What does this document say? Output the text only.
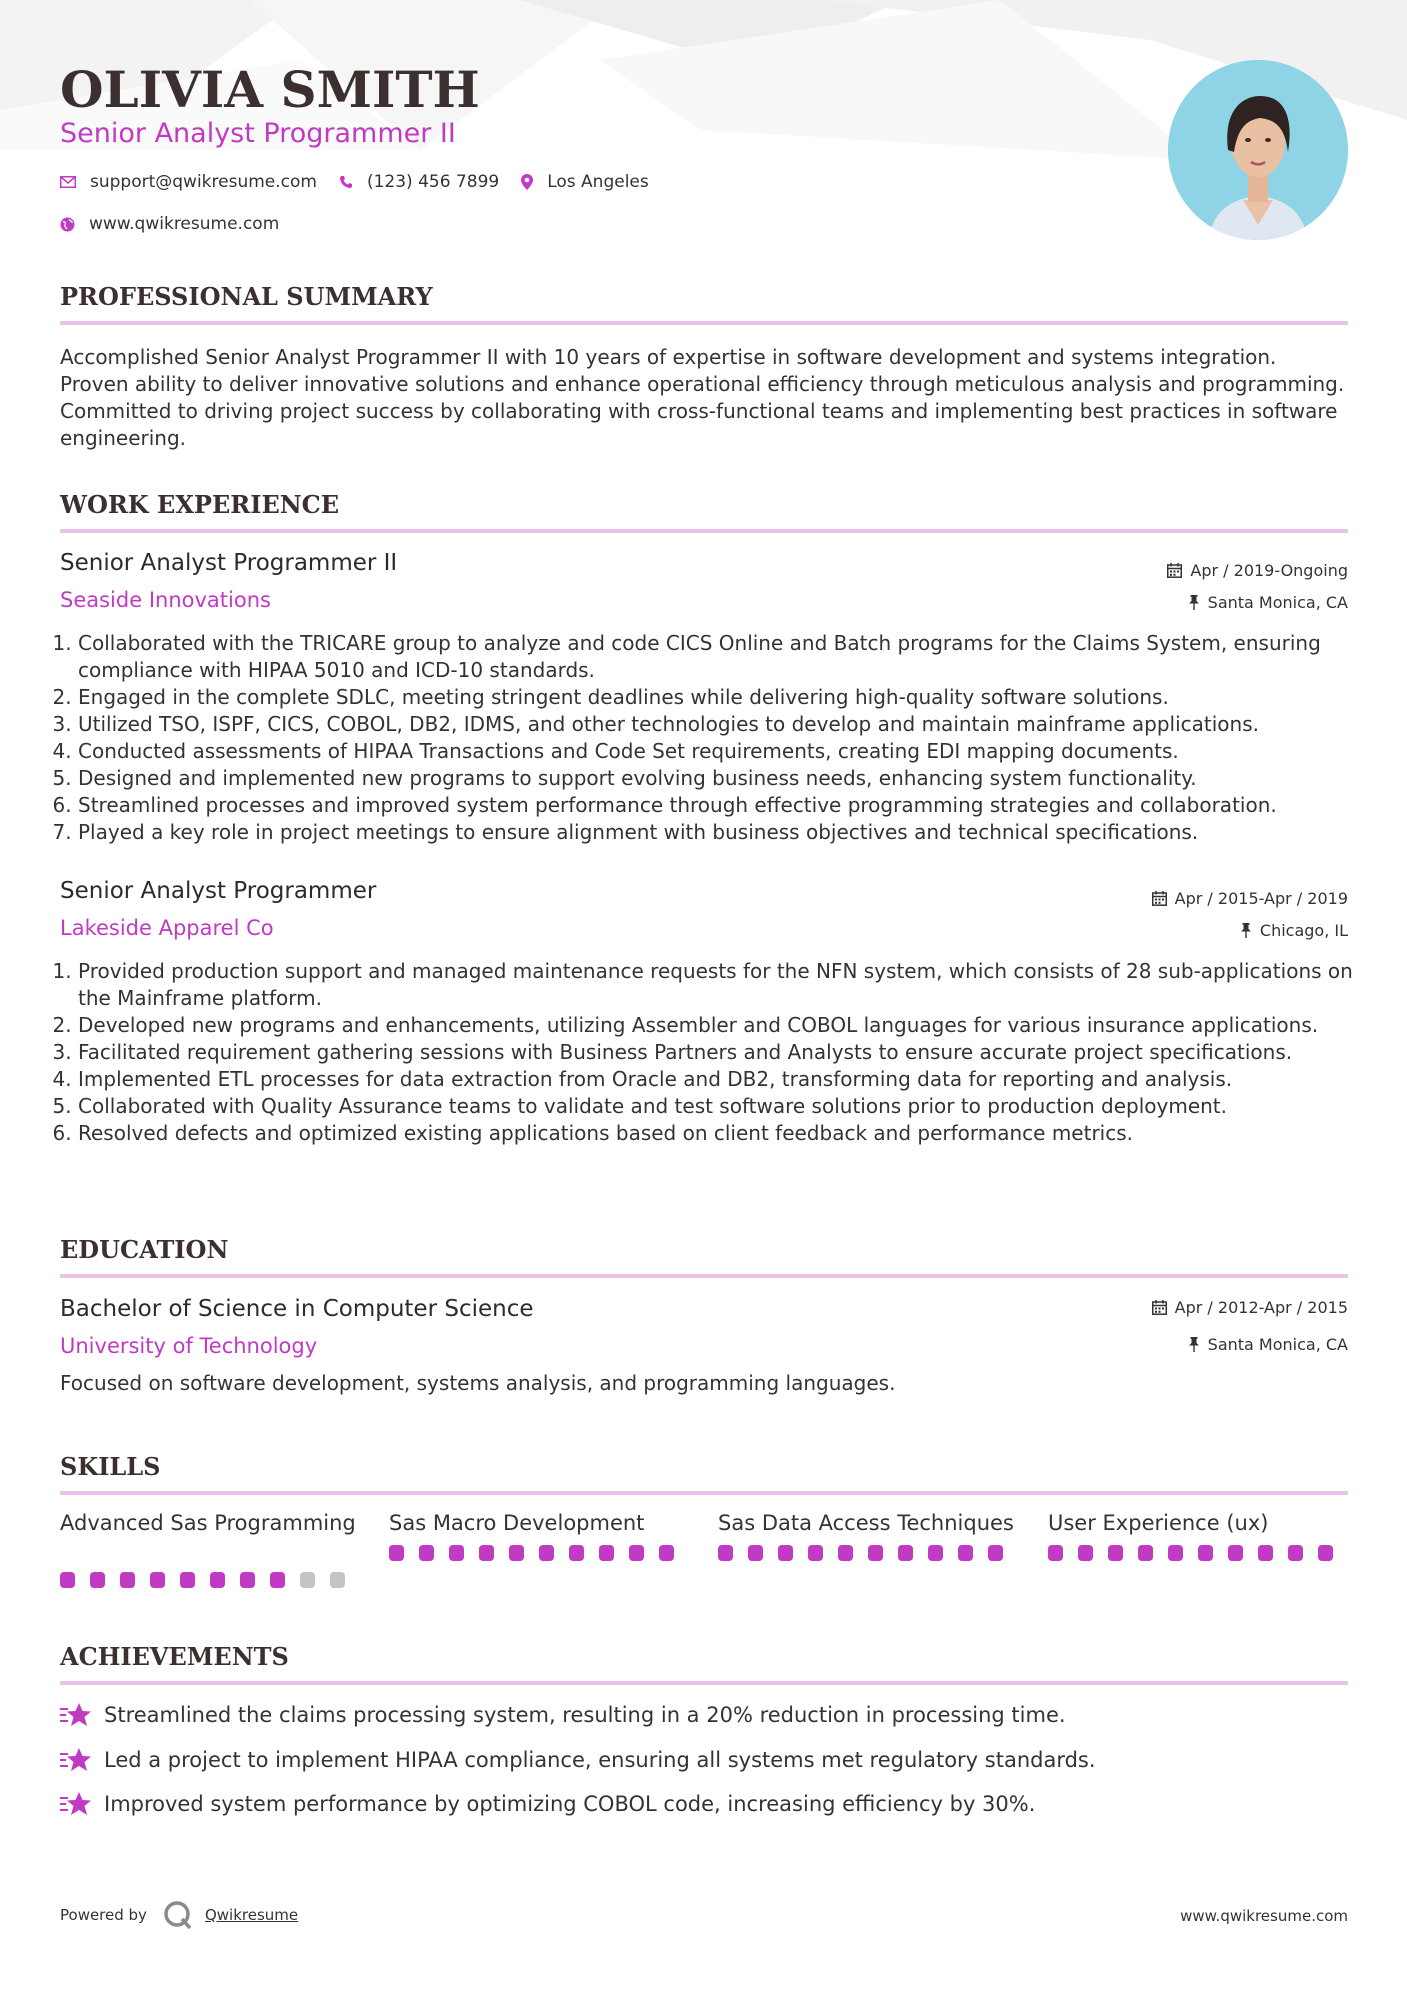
OLIVIA SMITH
Senior Analyst Programmer II
support@qwikresume.com	(123) 456 7899	Los Angeles
www.qwikresume.com
PROFESSIONAL SUMMARY
Accomplished Senior Analyst Programmer II with 10 years of expertise in software development and systems integration. Proven ability to deliver innovative solutions and enhance operational efficiency through meticulous analysis and programming. Committed to driving project success by collaborating with cross-functional teams and implementing best practices in software engineering.
WORK EXPERIENCE
Senior Analyst Programmer II
Seaside Innovations
Apr / 2019-Ongoing
Santa Monica, CA
1. Collaborated with the TRICARE group to analyze and code CICS Online and Batch programs for the Claims System, ensuring compliance with HIPAA 5010 and ICD-10 standards.
2. Engaged in the complete SDLC, meeting stringent deadlines while delivering high-quality software solutions.
3. Utilized TSO, ISPF, CICS, COBOL, DB2, IDMS, and other technologies to develop and maintain mainframe applications.
4. Conducted assessments of HIPAA Transactions and Code Set requirements, creating EDI mapping documents.
5. Designed and implemented new programs to support evolving business needs, enhancing system functionality.
6. Streamlined processes and improved system performance through effective programming strategies and collaboration.
7. Played a key role in project meetings to ensure alignment with business objectives and technical specifications.
Senior Analyst Programmer
Lakeside Apparel Co
Apr / 2015-Apr / 2019
Chicago, IL
1. Provided production support and managed maintenance requests for the NFN system, which consists of 28 sub-applications on the Mainframe platform.
2. Developed new programs and enhancements, utilizing Assembler and COBOL languages for various insurance applications.
3. Facilitated requirement gathering sessions with Business Partners and Analysts to ensure accurate project specifications.
4. Implemented ETL processes for data extraction from Oracle and DB2, transforming data for reporting and analysis.
5. Collaborated with Quality Assurance teams to validate and test software solutions prior to production deployment.
6. Resolved defects and optimized existing applications based on client feedback and performance metrics.
EDUCATION
Bachelor of Science in Computer Science
University of Technology
Apr / 2012-Apr / 2015
Santa Monica, CA
Focused on software development, systems analysis, and programming languages.
SKILLS
Advanced Sas Programming Sas Macro Development	Sas Data Access Techniques User Experience (ux)
ACHIEVEMENTS
Streamlined the claims processing system, resulting in a 20% reduction in processing time.
Led a project to implement HIPAA compliance, ensuring all systems met regulatory standards.
Improved system performance by optimizing COBOL code, increasing efficiency by 30%.
Powered by	Qwikresume	www.qwikresume.com
